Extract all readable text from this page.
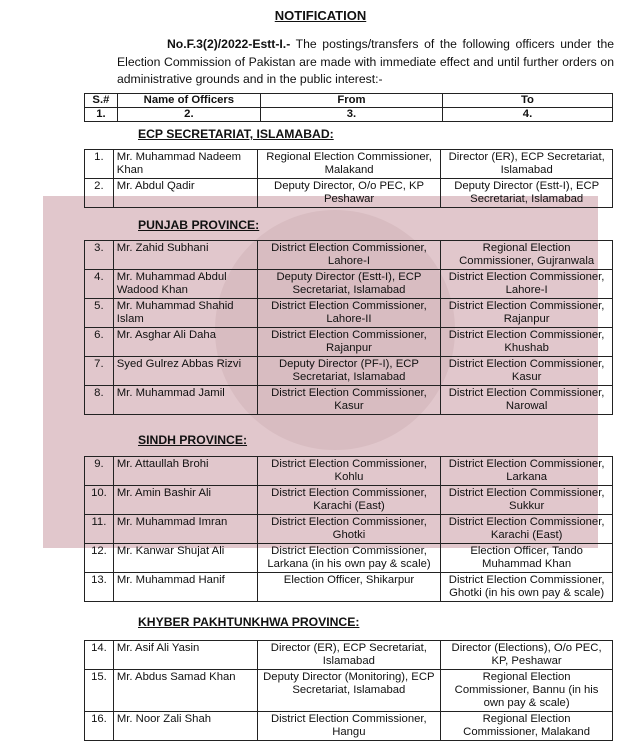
NOTIFICATION
No.F.3(2)/2022-Estt-I.- The postings/transfers of the following officers under the Election Commission of Pakistan are made with immediate effect and until further orders on administrative grounds and in the public interest:-
S.#	Name of Officers	From	To
1.	2.	3.	4.
ECP SECRETARIAT, ISLAMABAD:
1.	Mr. Muhammad Nadeem Khan	Regional Election Commissioner, Malakand	Director (ER), ECP Secretariat, Islamabad
2.	Mr. Abdul Qadir	Deputy Director, O/o PEC, KP Peshawar	Deputy Director (Estt-I), ECP Secretariat, Islamabad
PUNJAB PROVINCE:
3.	Mr. Zahid Subhani	District Election Commissioner, Lahore-I	Regional Election Commissioner, Gujranwala
4.	Mr. Muhammad Abdul Wadood Khan	Deputy Director (Estt-I), ECP Secretariat, Islamabad	District Election Commissioner, Lahore-I
5.	Mr. Muhammad Shahid Islam	District Election Commissioner, Lahore-II	District Election Commissioner, Rajanpur
6.	Mr. Asghar Ali Daha	District Election Commissioner, Rajanpur	District Election Commissioner, Khushab
7.	Syed Gulrez Abbas Rizvi	Deputy Director (PF-I), ECP Secretariat, Islamabad	District Election Commissioner, Kasur
8.	Mr. Muhammad Jamil	District Election Commissioner, Kasur	District Election Commissioner, Narowal
SINDH PROVINCE:
9.	Mr. Attaullah Brohi	District Election Commissioner, Kohlu	District Election Commissioner, Larkana
10.	Mr. Amin Bashir Ali	District Election Commissioner, Karachi (East)	District Election Commissioner, Sukkur
11.	Mr. Muhammad Imran	District Election Commissioner, Ghotki	District Election Commissioner, Karachi (East)
12.	Mr. Kanwar Shujat Ali	District Election Commissioner, Larkana (in his own pay & scale)	Election Officer, Tando Muhammad Khan
13.	Mr. Muhammad Hanif	Election Officer, Shikarpur	District Election Commissioner, Ghotki (in his own pay & scale)
KHYBER PAKHTUNKHWA PROVINCE:
14.	Mr. Asif Ali Yasin	Director (ER), ECP Secretariat, Islamabad	Director (Elections), O/o PEC, KP, Peshawar
15.	Mr. Abdus Samad Khan	Deputy Director (Monitoring), ECP Secretariat, Islamabad	Regional Election Commissioner, Bannu (in his own pay & scale)
16.	Mr. Noor Zali Shah	District Election Commissioner, Hangu	Regional Election Commissioner, Malakand
